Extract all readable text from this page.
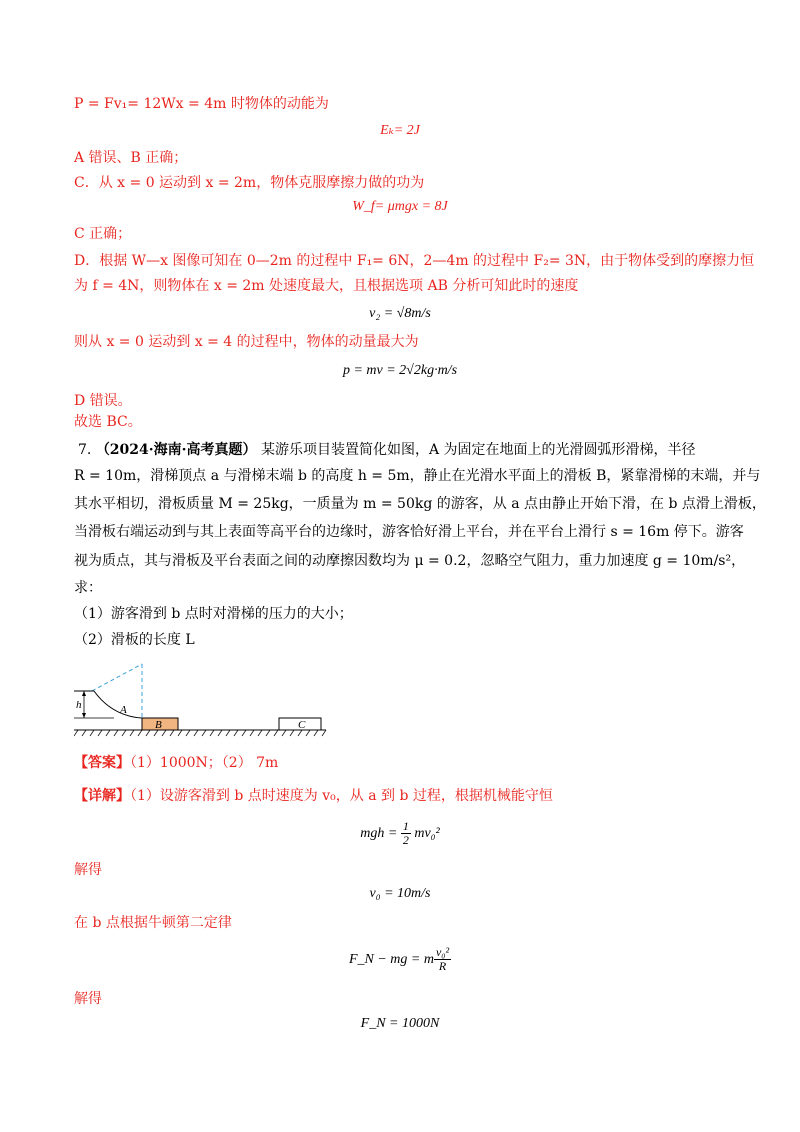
P = Fv₁= 12Wx = 4m 时物体的动能为
Eₖ= 2J
A 错误、B 正确；
C．从 x = 0 运动到 x = 2m，物体克服摩擦力做的功为
W_f= μmgx = 8J
C 正确；
D．根据 W—x 图像可知在 0—2m 的过程中 F₁= 6N，2—4m 的过程中 F₂= 3N，由于物体受到的摩擦力恒
为 f = 4N，则物体在 x = 2m 处速度最大，且根据选项 AB 分析可知此时的速度
v₂ = √8m/s
则从 x = 0 运动到 x = 4 的过程中，物体的动量最大为
p = mv = 2√2kg·m/s
D 错误。
故选 BC。
7. （2024·海南·高考真题） 某游乐项目装置简化如图，A 为固定在地面上的光滑圆弧形滑梯，半径
R = 10m，滑梯顶点 a 与滑梯末端 b 的高度 h = 5m，静止在光滑水平面上的滑板 B，紧靠滑梯的末端，并与
其水平相切，滑板质量 M = 25kg，一质量为 m = 50kg 的游客，从 a 点由静止开始下滑，在 b 点滑上滑板，
当滑板右端运动到与其上表面等高平台的边缘时，游客恰好滑上平台，并在平台上滑行 s = 16m 停下。游客
视为质点，其与滑板及平台表面之间的动摩擦因数均为 μ = 0.2，忽略空气阻力，重力加速度 g = 10m/s²，
求：
（1）游客滑到 b 点时对滑梯的压力的大小；
（2）滑板的长度 L
h	A
B	C
【答案】（1）1000N；（2） 7m
【详解】（1）设游客滑到 b 点时速度为 v₀，从 a 到 b 过程，根据机械能守恒
mgh = $\frac{1}{2} mv_0^2$
解得
v₀ = 10m/s
在 b 点根据牛顿第二定律
F_N − mg = m $\frac{\text{v₀²}}{R}$
解得
F_N = 1000N
